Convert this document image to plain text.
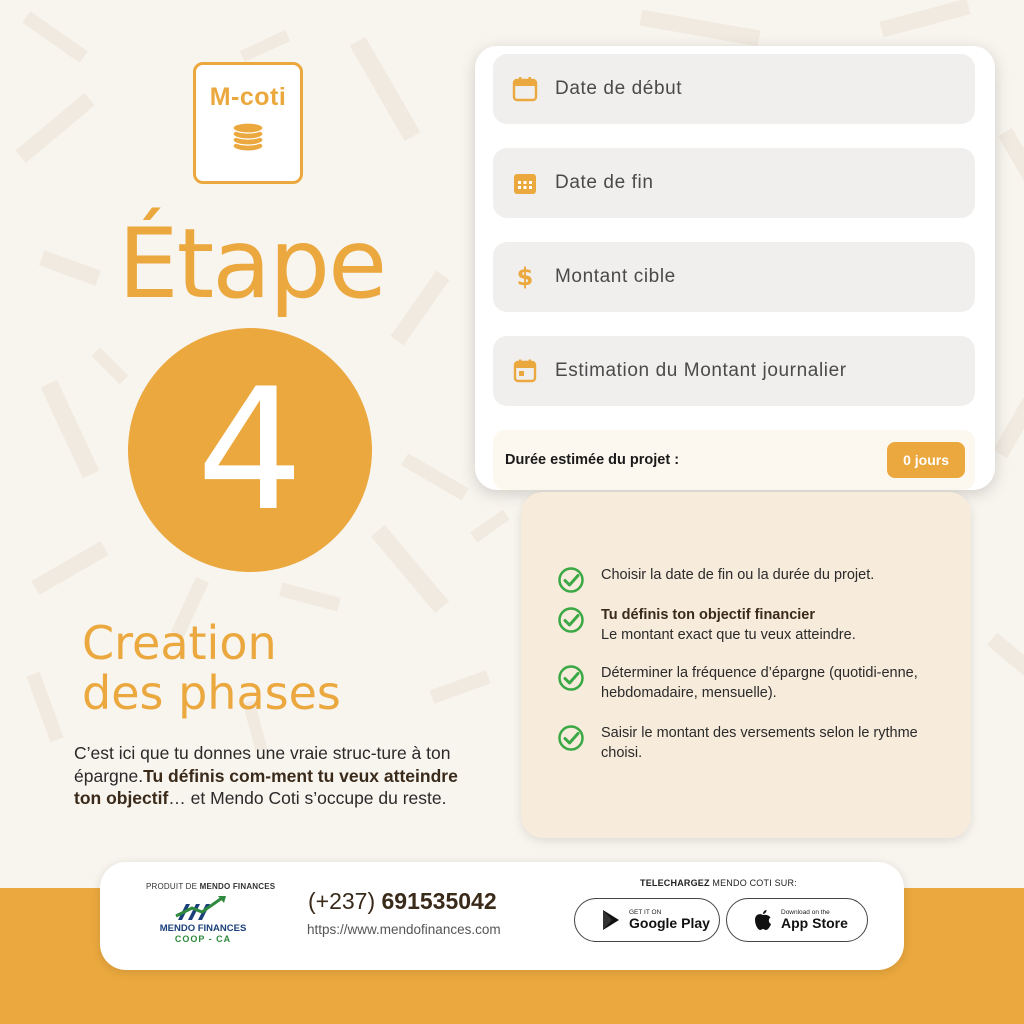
M-coti
Étape
4
Creation
des phases
C’est ici que tu donnes une vraie struc-ture à ton épargne.Tu définis com-ment tu veux atteindre ton objectif… et Mendo Coti s’occupe du reste.
Date de début
Date de fin
$ Montant cible
Estimation du Montant journalier
Durée estimée du projet :	0 jours
Choisir la date de fin ou la durée du projet.
Tu définis ton objectif financier
Le montant exact que tu veux atteindre.
Déterminer la fréquence d’épargne (quotidi-enne, hebdomadaire, mensuelle).
Saisir le montant des versements selon le rythme choisi.
PRODUIT DE MENDO FINANCES
MENDO FINANCES
COOP - CA
(+237) 691535042
https://www.mendofinances.com
TELECHARGEZ MENDO COTI SUR:
GET IT ON
Google Play
Download on the
App Store
